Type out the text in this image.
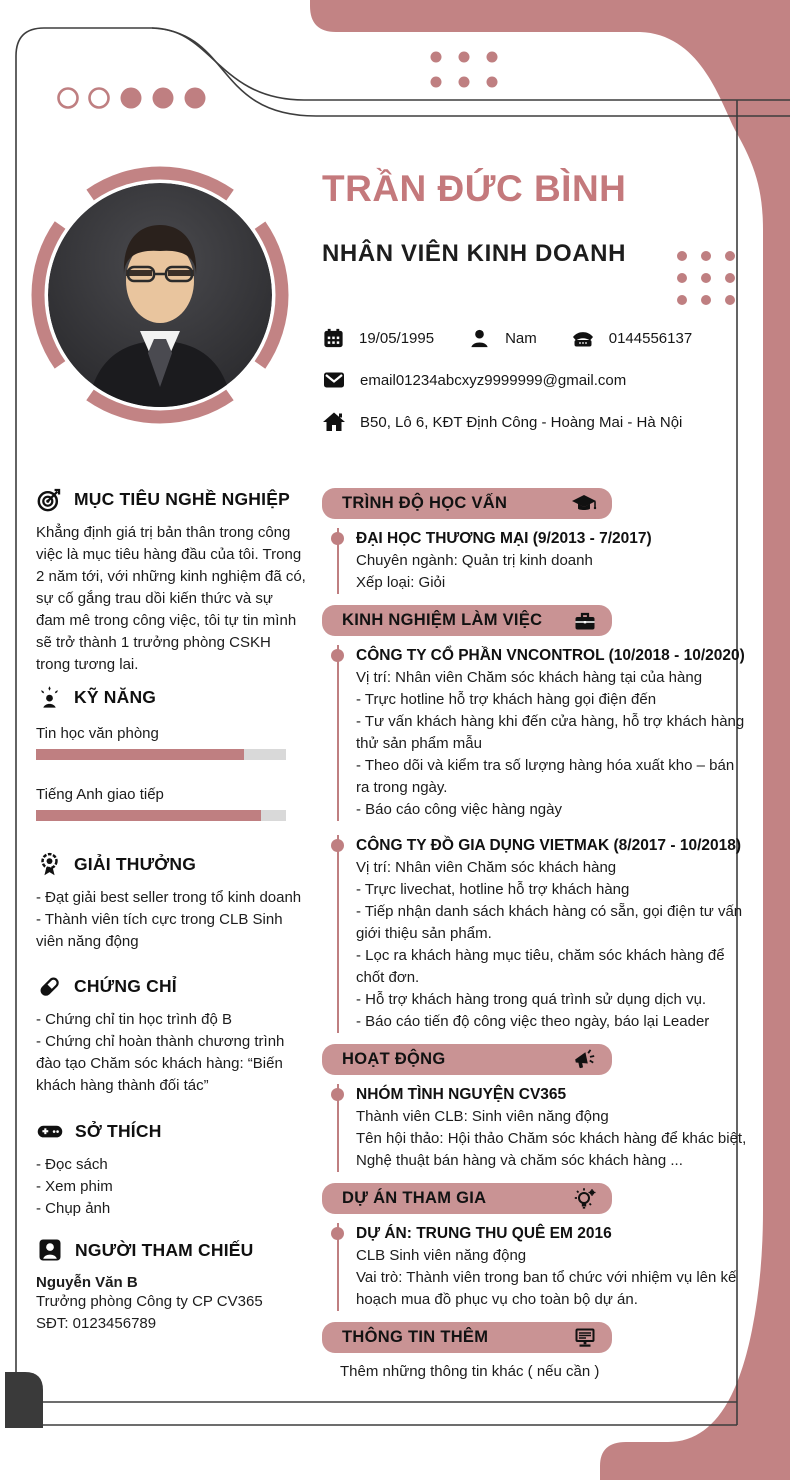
TRẦN ĐỨC BÌNH
NHÂN VIÊN KINH DOANH
19/05/1995	Nam	0144556137
email01234abcxyz9999999@gmail.com
B50, Lô 6, KĐT Định Công - Hoàng Mai - Hà Nội
MỤC TIÊU NGHỀ NGHIỆP
Khẳng định giá trị bản thân trong công việc là mục tiêu hàng đầu của tôi. Trong 2 năm tới, với những kinh nghiệm đã có, sự cố gắng trau dồi kiến thức và sự đam mê trong công việc, tôi tự tin mình sẽ trở thành 1 trưởng phòng CSKH trong tương lai.
KỸ NĂNG
Tin học văn phòng
Tiếng Anh giao tiếp
GIẢI THƯỞNG
- Đạt giải best seller trong tổ kinh doanh
- Thành viên tích cực trong CLB Sinh viên năng động
CHỨNG CHỈ
- Chứng chỉ tin học trình độ B
- Chứng chỉ hoàn thành chương trình đào tạo Chăm sóc khách hàng: “Biến khách hàng thành đối tác”
SỞ THÍCH
- Đọc sách
- Xem phim
- Chụp ảnh
NGƯỜI THAM CHIẾU
Nguyễn Văn B
Trưởng phòng Công ty CP CV365
SĐT: 0123456789
TRÌNH ĐỘ HỌC VẤN
ĐẠI HỌC THƯƠNG MẠI (9/2013 - 7/2017)
Chuyên ngành: Quản trị kinh doanh
Xếp loại: Giỏi
KINH NGHIỆM LÀM VIỆC
CÔNG TY CỔ PHẦN VNCONTROL (10/2018 - 10/2020)
Vị trí: Nhân viên Chăm sóc khách hàng tại của hàng
- Trực hotline hỗ trợ khách hàng gọi điện đến
- Tư vấn khách hàng khi đến cửa hàng, hỗ trợ khách hàng thử sản phẩm mẫu
- Theo dõi và kiểm tra số lượng hàng hóa xuất kho – bán ra trong ngày.
- Báo cáo công việc hàng ngày
CÔNG TY ĐỒ GIA DỤNG VIETMAK (8/2017 - 10/2018)
Vị trí: Nhân viên Chăm sóc khách hàng
- Trực livechat, hotline hỗ trợ khách hàng
- Tiếp nhận danh sách khách hàng có sẵn, gọi điện tư vấn giới thiệu sản phẩm.
- Lọc ra khách hàng mục tiêu, chăm sóc khách hàng để chốt đơn.
- Hỗ trợ khách hàng trong quá trình sử dụng dịch vụ.
- Báo cáo tiến độ công việc theo ngày, báo lại Leader
HOẠT ĐỘNG
NHÓM TÌNH NGUYỆN CV365
Thành viên CLB: Sinh viên năng động
Tên hội thảo: Hội thảo Chăm sóc khách hàng để khác biệt, Nghệ thuật bán hàng và chăm sóc khách hàng ...
DỰ ÁN THAM GIA
DỰ ÁN: TRUNG THU QUÊ EM 2016
CLB Sinh viên năng động
Vai trò: Thành viên trong ban tổ chức với nhiệm vụ lên kế hoạch mua đồ phục vụ cho toàn bộ dự án.
THÔNG TIN THÊM
Thêm những thông tin khác ( nếu cần )
